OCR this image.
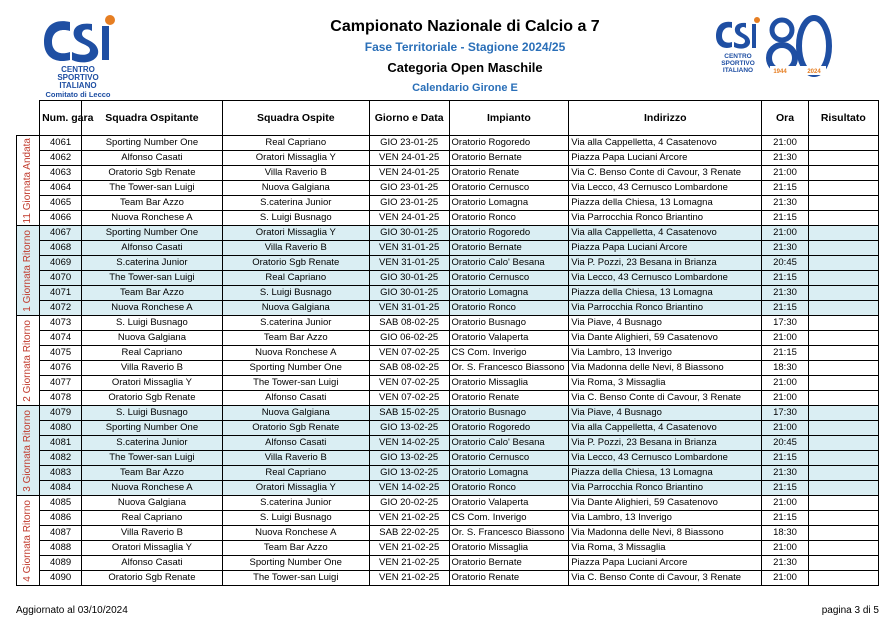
CENTRO
SPORTIVO
ITALIANO
Comitato di Lecco
Campionato Nazionale di Calcio a 7
Fase Territoriale - Stagione 2024/25
Categoria Open Maschile
Calendario Girone E
CENTRO
SPORTIVO
ITALIANO	1944	2024
	Num. gara	Squadra Ospitante	Squadra Ospite	Giorno e Data	Impianto	Indirizzo	Ora	Risultato

11 Giornata Andata	4061	Sporting Number One	Real Capriano	GIO 23-01-25	Oratorio Rogoredo	Via alla Cappelletta, 4 Casatenovo	21:00	
	4062	Alfonso Casati	Oratori Missaglia Y	VEN 24-01-25	Oratorio Bernate	Piazza Papa Luciani Arcore	21:30	
	4063	Oratorio Sgb Renate	Villa Raverio B	VEN 24-01-25	Oratorio Renate	Via C. Benso Conte di Cavour, 3 Renate	21:00	
	4064	The Tower-san Luigi	Nuova Galgiana	GIO 23-01-25	Oratorio Cernusco	Via Lecco, 43 Cernusco Lombardone	21:15	
	4065	Team Bar Azzo	S.caterina Junior	GIO 23-01-25	Oratorio Lomagna	Piazza della Chiesa, 13 Lomagna	21:30	
	4066	Nuova Ronchese A	S. Luigi Busnago	VEN 24-01-25	Oratorio Ronco	Via Parrocchia Ronco Briantino	21:15	

1 Giornata Ritorno	4067	Sporting Number One	Oratori Missaglia Y	GIO 30-01-25	Oratorio Rogoredo	Via alla Cappelletta, 4 Casatenovo	21:00	
	4068	Alfonso Casati	Villa Raverio B	VEN 31-01-25	Oratorio Bernate	Piazza Papa Luciani Arcore	21:30	
	4069	S.caterina Junior	Oratorio Sgb Renate	VEN 31-01-25	Oratorio Calo' Besana	Via P. Pozzi, 23 Besana in Brianza	20:45	
	4070	The Tower-san Luigi	Real Capriano	GIO 30-01-25	Oratorio Cernusco	Via Lecco, 43 Cernusco Lombardone	21:15	
	4071	Team Bar Azzo	S. Luigi Busnago	GIO 30-01-25	Oratorio Lomagna	Piazza della Chiesa, 13 Lomagna	21:30	
	4072	Nuova Ronchese A	Nuova Galgiana	VEN 31-01-25	Oratorio Ronco	Via Parrocchia Ronco Briantino	21:15	

2 Giornata Ritorno	4073	S. Luigi Busnago	S.caterina Junior	SAB 08-02-25	Oratorio Busnago	Via Piave, 4 Busnago	17:30	
	4074	Nuova Galgiana	Team Bar Azzo	GIO 06-02-25	Oratorio Valaperta	Via Dante Alighieri, 59 Casatenovo	21:00	
	4075	Real Capriano	Nuova Ronchese A	VEN 07-02-25	CS Com. Inverigo	Via Lambro, 13 Inverigo	21:15	
	4076	Villa Raverio B	Sporting Number One	SAB 08-02-25	Or. S. Francesco Biassono	Via Madonna delle Nevi, 8 Biassono	18:30	
	4077	Oratori Missaglia Y	The Tower-san Luigi	VEN 07-02-25	Oratorio Missaglia	Via Roma, 3 Missaglia	21:00	
	4078	Oratorio Sgb Renate	Alfonso Casati	VEN 07-02-25	Oratorio Renate	Via C. Benso Conte di Cavour, 3 Renate	21:00	

3 Giornata Ritorno	4079	S. Luigi Busnago	Nuova Galgiana	SAB 15-02-25	Oratorio Busnago	Via Piave, 4 Busnago	17:30	
	4080	Sporting Number One	Oratorio Sgb Renate	GIO 13-02-25	Oratorio Rogoredo	Via alla Cappelletta, 4 Casatenovo	21:00	
	4081	S.caterina Junior	Alfonso Casati	VEN 14-02-25	Oratorio Calo' Besana	Via P. Pozzi, 23 Besana in Brianza	20:45	
	4082	The Tower-san Luigi	Villa Raverio B	GIO 13-02-25	Oratorio Cernusco	Via Lecco, 43 Cernusco Lombardone	21:15	
	4083	Team Bar Azzo	Real Capriano	GIO 13-02-25	Oratorio Lomagna	Piazza della Chiesa, 13 Lomagna	21:30	
	4084	Nuova Ronchese A	Oratori Missaglia Y	VEN 14-02-25	Oratorio Ronco	Via Parrocchia Ronco Briantino	21:15	

4 Giornata Ritorno	4085	Nuova Galgiana	S.caterina Junior	GIO 20-02-25	Oratorio Valaperta	Via Dante Alighieri, 59 Casatenovo	21:00	
	4086	Real Capriano	S. Luigi Busnago	VEN 21-02-25	CS Com. Inverigo	Via Lambro, 13 Inverigo	21:15	
	4087	Villa Raverio B	Nuova Ronchese A	SAB 22-02-25	Or. S. Francesco Biassono	Via Madonna delle Nevi, 8 Biassono	18:30	
	4088	Oratori Missaglia Y	Team Bar Azzo	VEN 21-02-25	Oratorio Missaglia	Via Roma, 3 Missaglia	21:00	
	4089	Alfonso Casati	Sporting Number One	VEN 21-02-25	Oratorio Bernate	Piazza Papa Luciani Arcore	21:30	
	4090	Oratorio Sgb Renate	The Tower-san Luigi	VEN 21-02-25	Oratorio Renate	Via C. Benso Conte di Cavour, 3 Renate	21:00	
Aggiornato al 03/10/2024	pagina 3 di 5
